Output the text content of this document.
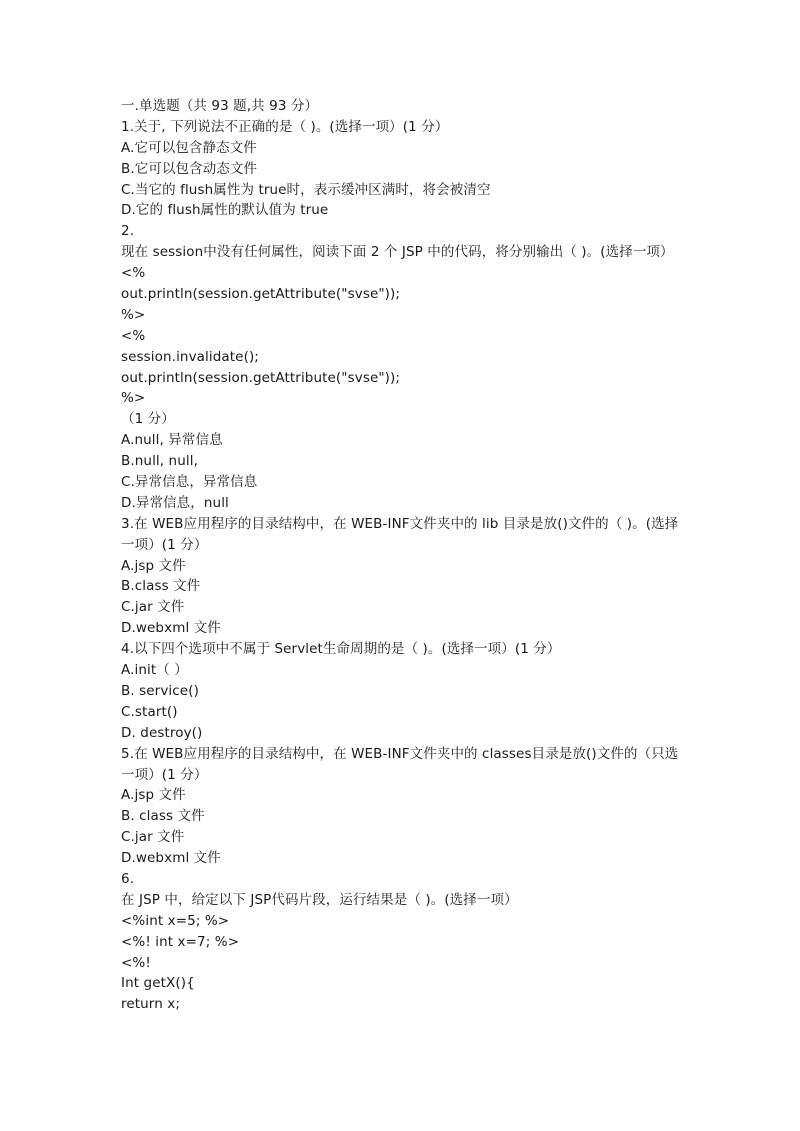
一.单选题（共 93 题,共 93 分）
1.关于, 下列说法不正确的是（ )。(选择一项）(1 分）
A.它可以包含静态文件
B.它可以包含动态文件
C.当它的 flush属性为 true时，表示缓冲区满时，将会被清空
D.它的 flush属性的默认值为 true
2.
现在 session中没有任何属性，阅读下面 2 个 JSP 中的代码，将分别输出（ )。(选择一项）
<%
out.println(session.getAttribute("svse"));
%>
<%
session.invalidate();
out.println(session.getAttribute("svse"));
%>
（1 分）
A.null, 异常信息
B.null, null,
C.异常信息，异常信息
D.异常信息，null
3.在 WEB应用程序的目录结构中，在 WEB-INF文件夹中的 lib 目录是放()文件的（ )。(选择
一项）(1 分）
A.jsp 文件
B.class 文件
C.jar 文件
D.webxml 文件
4.以下四个选项中不属于 Servlet生命周期的是（ )。(选择一项）(1 分）
A.init（ ）
B. service()
C.start()
D. destroy()
5.在 WEB应用程序的目录结构中，在 WEB-INF文件夹中的 classes目录是放()文件的（只选
一项）(1 分）
A.jsp 文件
B. class 文件
C.jar 文件
D.webxml 文件
6.
在 JSP 中，给定以下 JSP代码片段，运行结果是（ )。(选择一项）
<%int x=5; %>
<%! int x=7; %>
<%!
Int getX(){
return x;
